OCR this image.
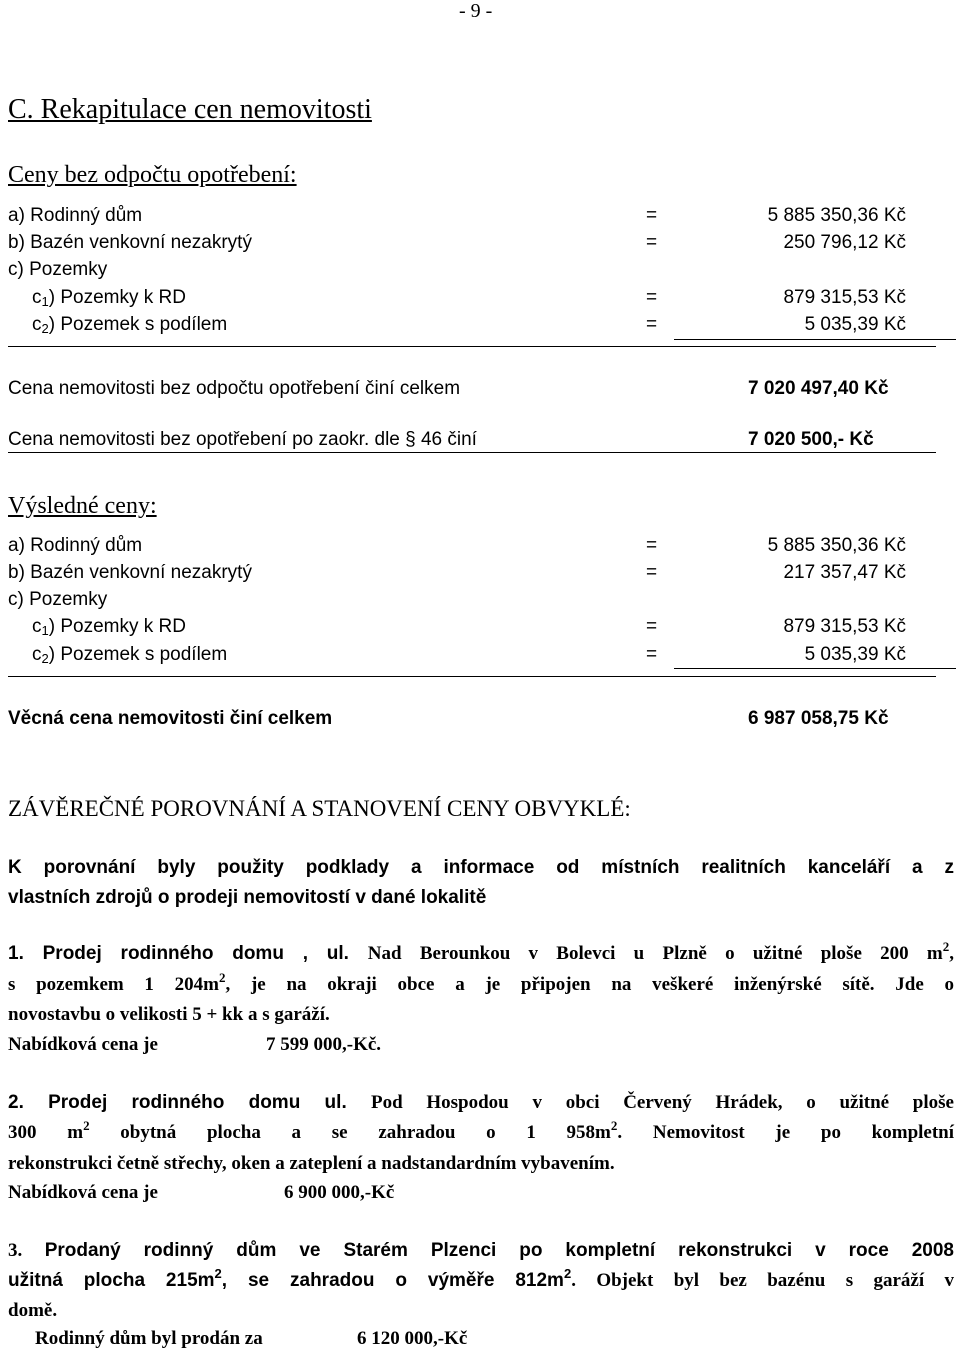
- 9 -
C. Rekapitulace cen nemovitosti
Ceny bez odpočtu opotřebení:
a) Rodinný dům	=	5 885 350,36 Kč
b) Bazén venkovní nezakrytý	=	250 796,12 Kč
c) Pozemky
$c_1$) Pozemky k RD	=	879 315,53 Kč
$c_2$) Pozemek s podílem	=	5 035,39 Kč
Cena nemovitosti bez odpočtu opotřebení činí celkem	7 020 497,40 Kč
Cena nemovitosti bez opotřebení po zaokr. dle § 46 činí	7 020 500,- Kč
Výsledné ceny:
a) Rodinný dům	=	5 885 350,36 Kč
b) Bazén venkovní nezakrytý	=	217 357,47 Kč
c) Pozemky
$c_1$) Pozemky k RD	=	879 315,53 Kč
$c_2$) Pozemek s podílem	=	5 035,39 Kč
Věcná cena nemovitosti činí celkem	6 987 058,75 Kč
ZÁVĚREČNÉ POROVNÁNÍ A STANOVENÍ CENY OBVYKLÉ:
K porovnání byly použity podklady a informace od místních realitních kanceláří a z
vlastních zdrojů o prodeji nemovitostí v dané lokalitě
1. Prodej rodinného domu , ul. Nad Berounkou v Bolevci u Plzně o užitné ploše 200 $m^2$,
s pozemkem 1 $204m^2$, je na okraji obce a je připojen na veškeré inženýrské sítě. Jde o
novostavbu o velikosti 5 + kk a s garáží.
Nabídková cena je	7 599 000,-Kč.
2. Prodej rodinného domu ul. Pod Hospodou v obci Červený Hrádek, o užitné ploše
300 $m^2$ obytná plocha a se zahradou o 1 $958m^2$. Nemovitost je po kompletní
rekonstrukci četně střechy, oken a zateplení a nadstandardním vybavením.
Nabídková cena je	6 900 000,-Kč
3. Prodaný rodinný dům ve Starém Plzenci po kompletní rekonstrukci v roce 2008
užitná plocha $215m^2$, se zahradou o výměře $812m^2$. Objekt byl bez bazénu s garáží v
domě.
Rodinný dům byl prodán za	6 120 000,-Kč
